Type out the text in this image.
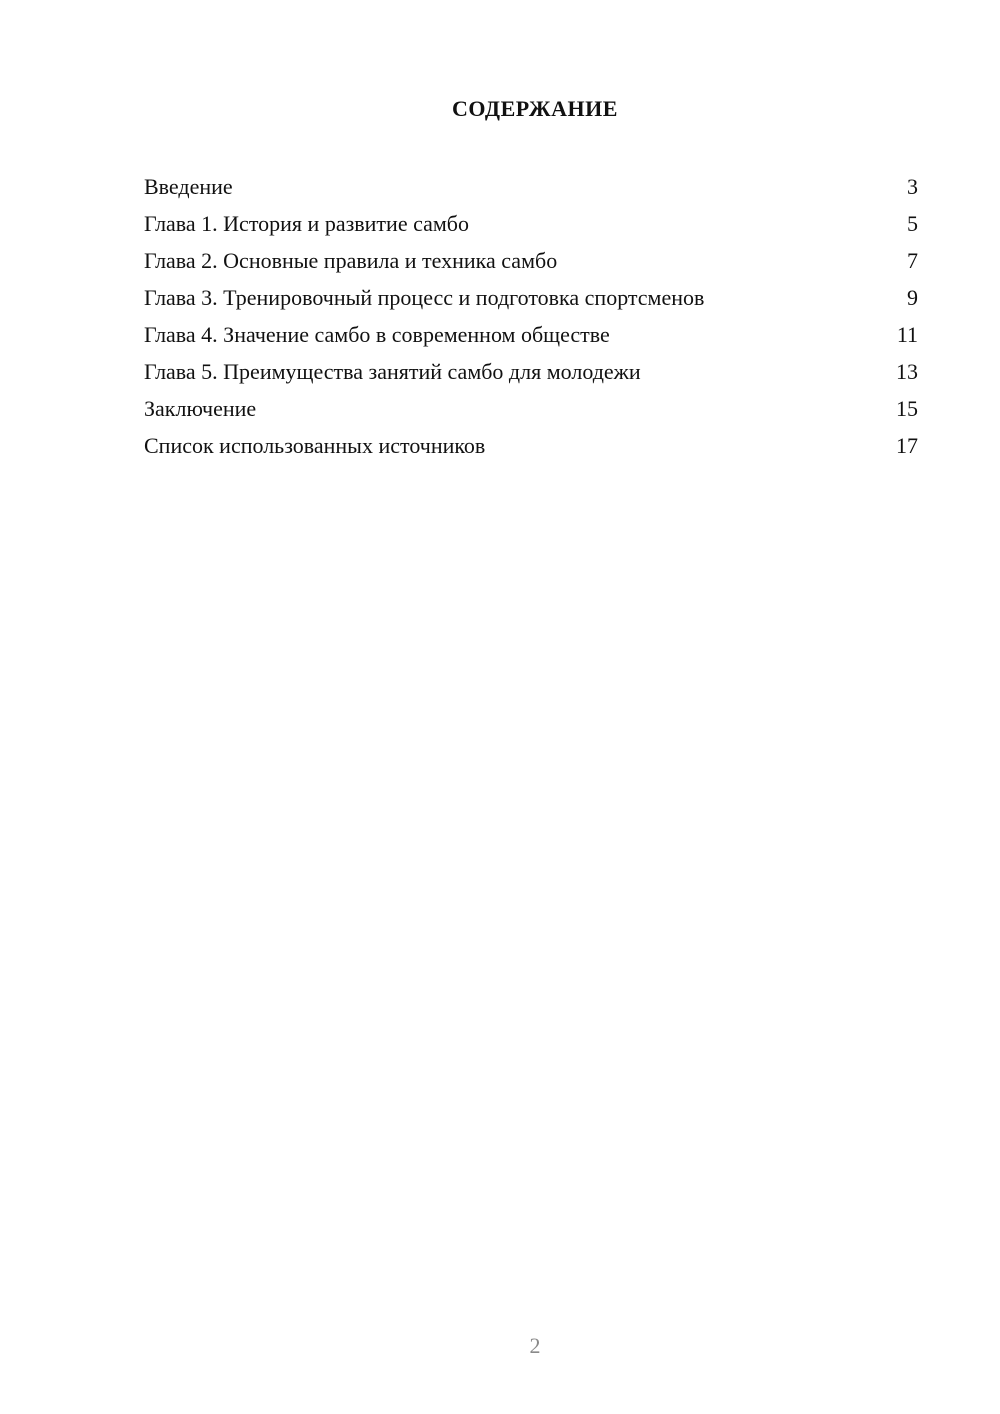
СОДЕРЖАНИЕ
Введение	3
Глава 1. История и развитие самбо	5
Глава 2. Основные правила и техника самбо	7
Глава 3. Тренировочный процесс и подготовка спортсменов	9
Глава 4. Значение самбо в современном обществе	11
Глава 5. Преимущества занятий самбо для молодежи	13
Заключение	15
Список использованных источников	17
2
